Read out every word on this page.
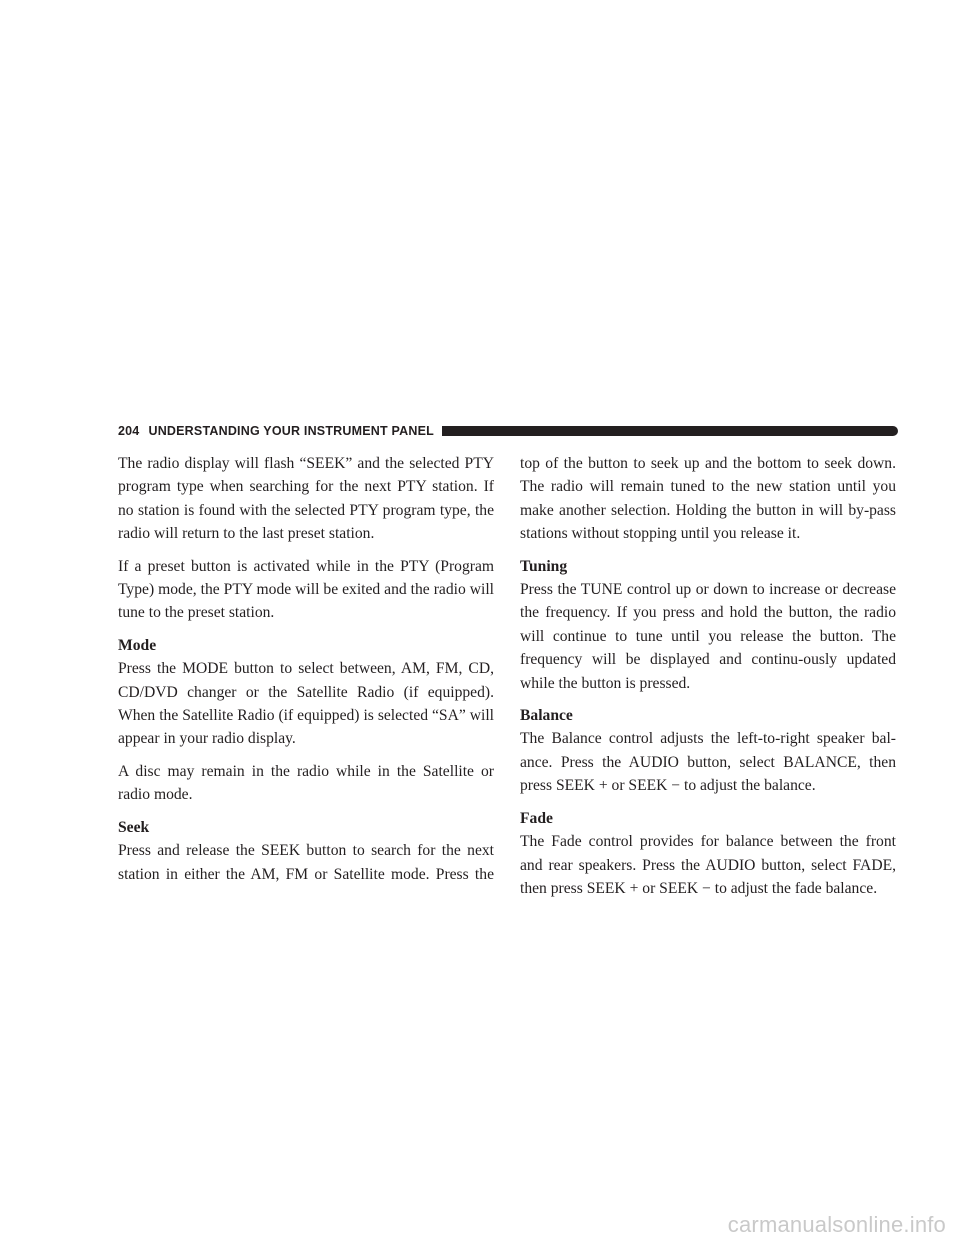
204 UNDERSTANDING YOUR INSTRUMENT PANEL

The radio display will flash “SEEK” and the selected PTY program type when searching for the next PTY station. If no station is found with the selected PTY program type, the radio will return to the last preset station.

If a preset button is activated while in the PTY (Program Type) mode, the PTY mode will be exited and the radio will tune to the preset station.

Mode

Press the MODE button to select between, AM, FM, CD, CD/DVD changer or the Satellite Radio (if equipped). When the Satellite Radio (if equipped) is selected “SA” will appear in your radio display.

A disc may remain in the radio while in the Satellite or radio mode.

Seek

Press and release the SEEK button to search for the next station in either the AM, FM or Satellite mode. Press the

top of the button to seek up and the bottom to seek down. The radio will remain tuned to the new station until you make another selection. Holding the button in will by-pass stations without stopping until you release it.

Tuning

Press the TUNE control up or down to increase or decrease the frequency. If you press and hold the button, the radio will continue to tune until you release the button. The frequency will be displayed and continu-ously updated while the button is pressed.

Balance

The Balance control adjusts the left-to-right speaker bal-ance. Press the AUDIO button, select BALANCE, then press SEEK + or SEEK − to adjust the balance.

Fade

The Fade control provides for balance between the front and rear speakers. Press the AUDIO button, select FADE, then press SEEK + or SEEK − to adjust the fade balance.

carmanualsonline.info
